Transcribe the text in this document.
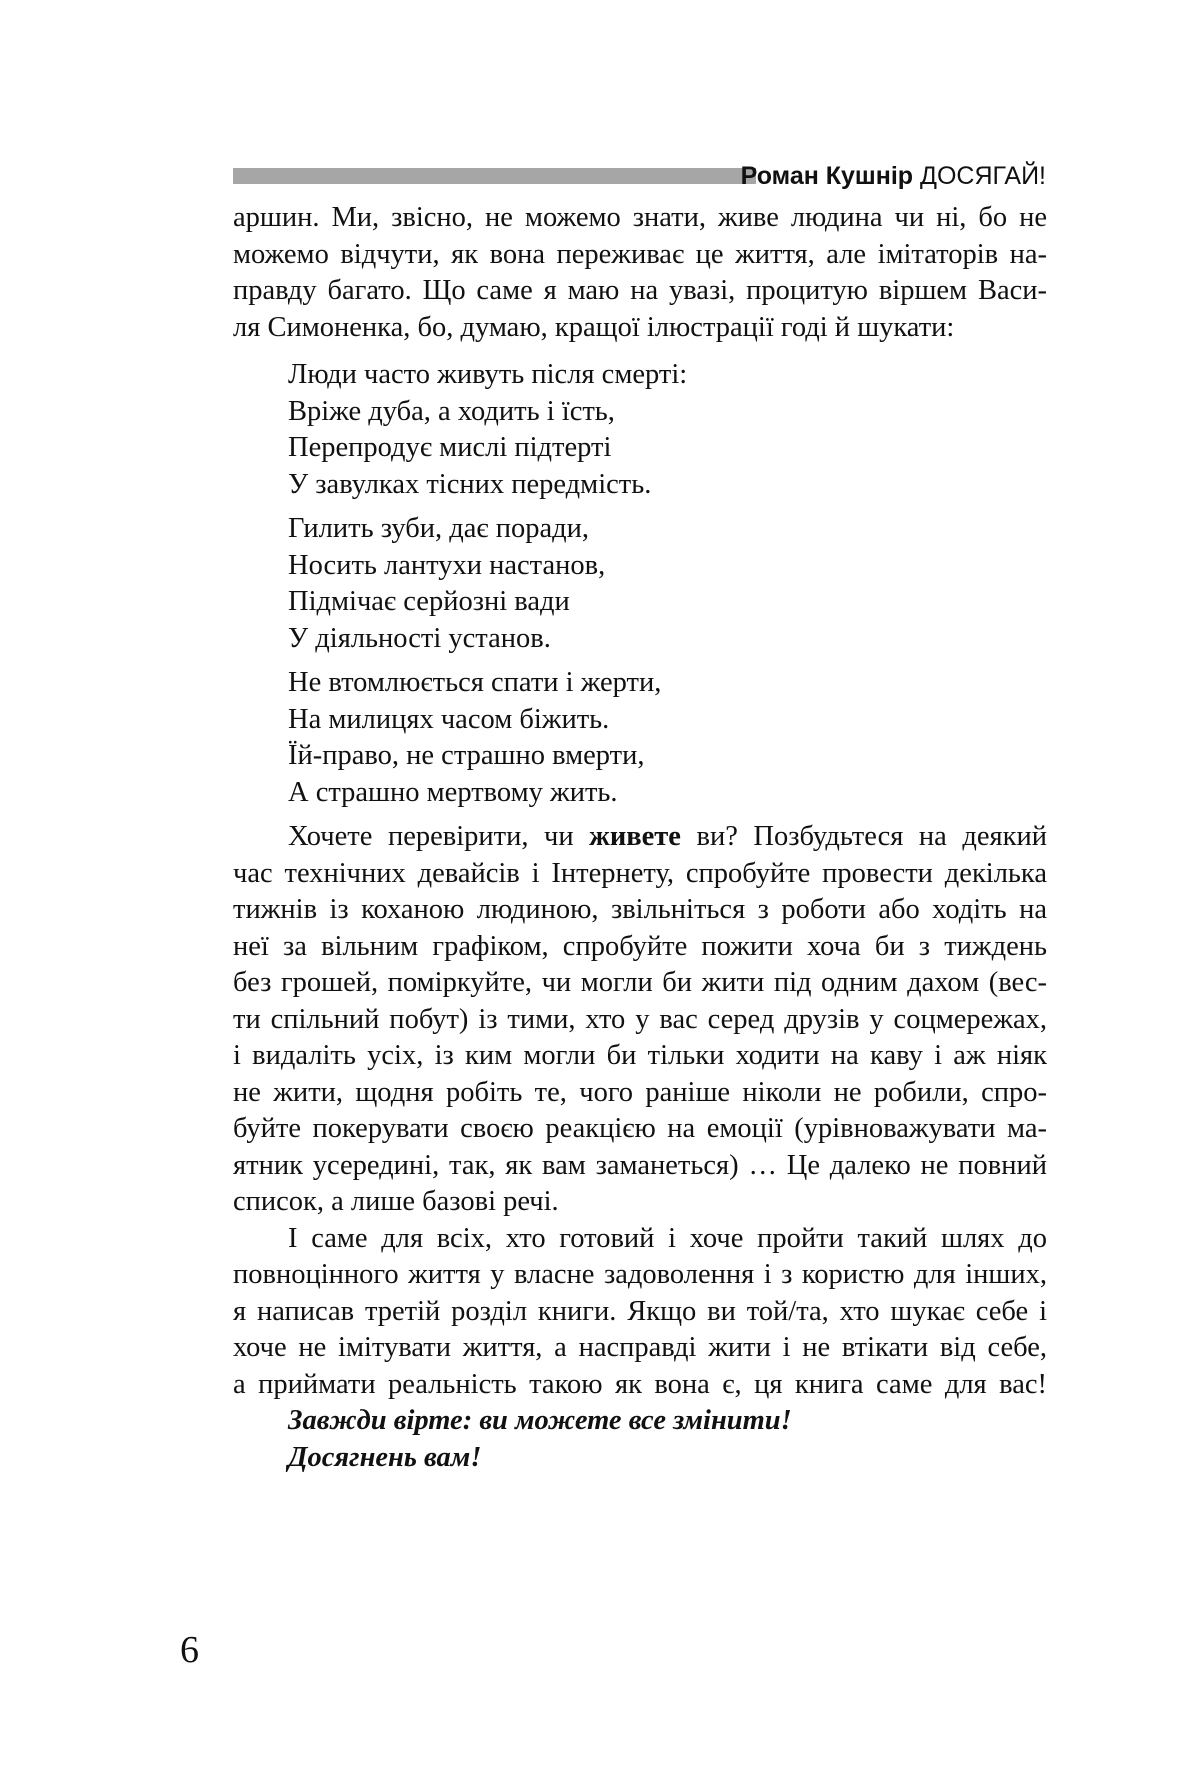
Роман Кушнір ДОСЯГАЙ!

аршин. Ми, звісно, не можемо знати, живе людина чи ні, бо не
можемо відчути, як вона переживає це життя, але імітаторів на-
правду багато. Що саме я маю на увазі, процитую віршем Васи-
ля Симоненка, бо, думаю, кращої ілюстрації годі й шукати:

Люди часто живуть після смерті:
Вріже дуба, а ходить і їсть,
Перепродує мислі підтерті
У завулках тісних передмість.
Гилить зуби, дає поради,
Носить лантухи настанов,
Підмічає серйозні вади
У діяльності установ.
Не втомлюється спати і жерти,
На милицях часом біжить.
Їй-право, не страшно вмерти,
А страшно мертвому жить.

Хочете перевірити, чи живете ви? Позбудьтеся на деякий
час технічних девайсів і Інтернету, спробуйте провести декілька
тижнів із коханою людиною, звільніться з роботи або ходіть на
неї за вільним графіком, спробуйте пожити хоча би з тиждень
без грошей, поміркуйте, чи могли би жити під одним дахом (вес-
ти спільний побут) із тими, хто у вас серед друзів у соцмережах,
і видаліть усіх, із ким могли би тільки ходити на каву і аж ніяк
не жити, щодня робіть те, чого раніше ніколи не робили, спро-
буйте покерувати своєю реакцією на емоції (урівноважувати ма-
ятник усередині, так, як вам заманеться) … Це далеко не повний
список, а лише базові речі.

І саме для всіх, хто готовий і хоче пройти такий шлях до
повноцінного життя у власне задоволення і з користю для інших,
я написав третій розділ книги. Якщо ви той/та, хто шукає себе і
хоче не імітувати життя, а насправді жити і не втікати від себе,
а приймати реальність такою як вона є, ця книга саме для вас!

Завжди вірте: ви можете все змінити!
Досягнень вам!
6
